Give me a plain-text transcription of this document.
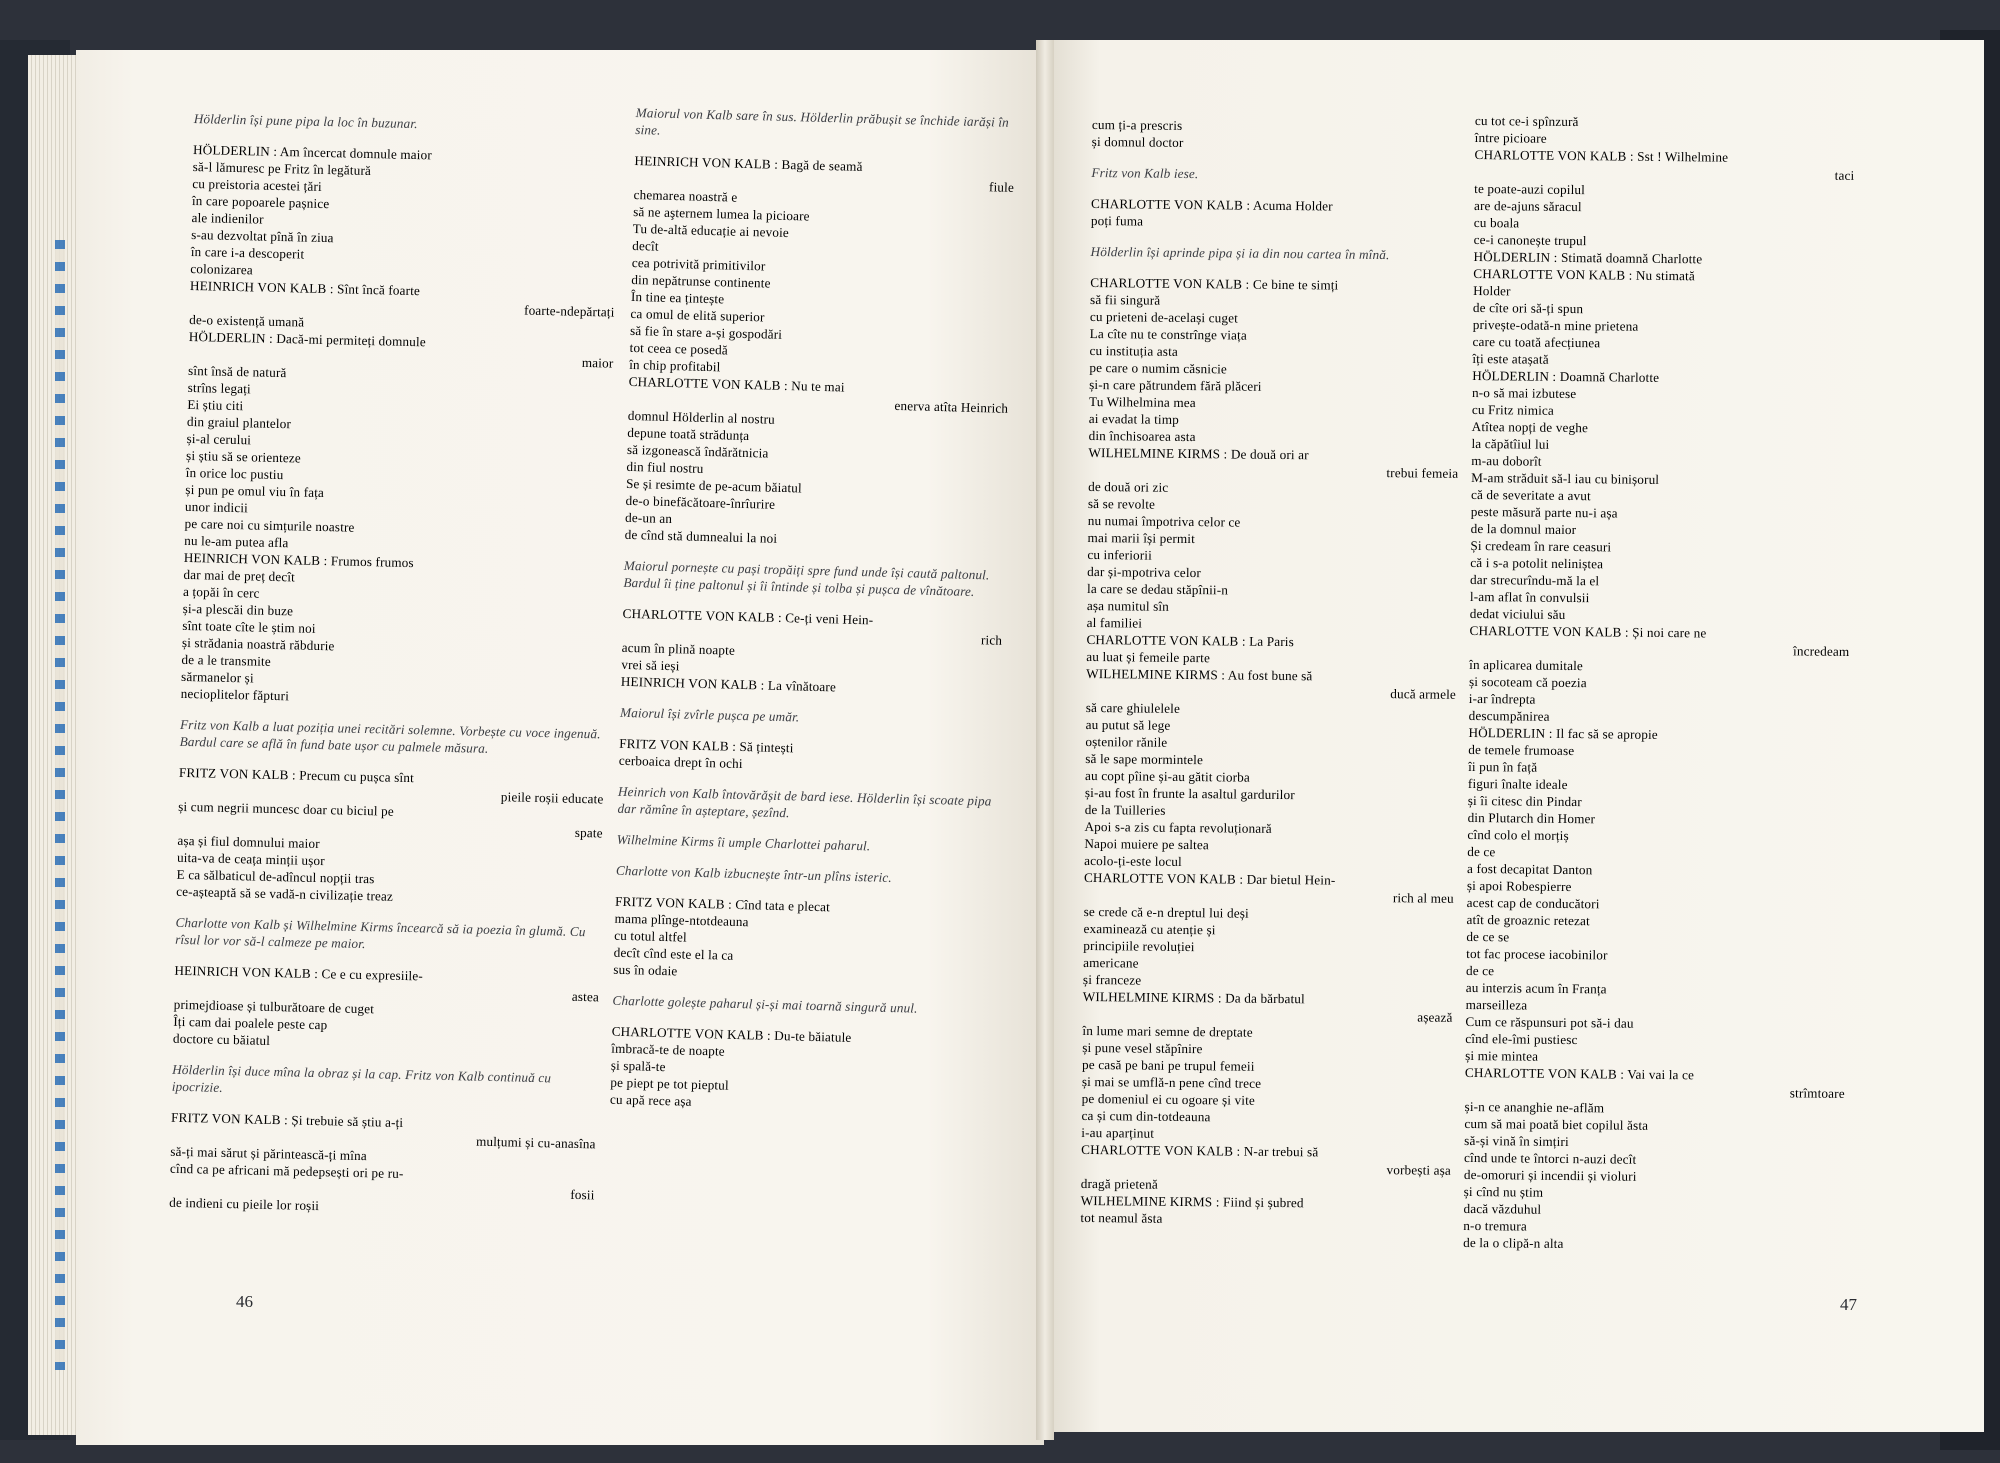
Hölderlin își pune pipa la loc în buzunar.

HÖLDERLIN : Am încercat domnule maior

să-l lămuresc pe Fritz în legătură

cu preistoria acestei țări

în care popoarele pașnice

ale indienilor

s-au dezvoltat pînă în ziua

în care i-a descoperit

colonizarea

HEINRICH VON KALB : Sînt încă foarte

foarte-ndepărtați

de-o existență umană

HÖLDERLIN : Dacă-mi permiteți domnule

maior

sînt însă de natură

strîns legați

Ei știu citi

din graiul plantelor

și-al cerului

și știu să se orienteze

în orice loc pustiu

și pun pe omul viu în fața

unor indicii

pe care noi cu simțurile noastre

nu le-am putea afla

HEINRICH VON KALB : Frumos frumos

dar mai de preț decît

a țopăi în cerc

și-a plescăi din buze

sînt toate cîte le știm noi

și strădania noastră răbdurie

de a le transmite

sărmanelor și

necioplitelor făpturi

Fritz von Kalb a luat poziția unei recitări solemne. Vorbește cu voce ingenuă. Bardul care se află în fund bate ușor cu palmele măsura.

FRITZ VON KALB : Precum cu pușca sînt

pieile roșii educate

și cum negrii muncesc doar cu biciul pe

spate

așa și fiul domnului maior

uita-va de ceața minții ușor

E ca sălbaticul de-adîncul nopții tras

ce-așteaptă să se vadă-n civilizație treaz

Charlotte von Kalb și Wilhelmine Kirms încearcă să ia poezia în glumă. Cu rîsul lor vor să-l calmeze pe maior.

HEINRICH VON KALB : Ce e cu expresiile-

astea

primejdioase și tulburătoare de cuget

Îți cam dai poalele peste cap

doctore cu băiatul

Hölderlin își duce mîna la obraz și la cap. Fritz von Kalb continuă cu ipocrizie.

FRITZ VON KALB : Și trebuie să știu a-ți

mulțumi și cu-anasîna

să-ți mai sărut și părintească-ți mîna

cînd ca pe africani mă pedepsești ori pe ru-

fosii

de indieni cu pieile lor roșii

Maiorul von Kalb sare în sus. Hölderlin prăbușit se închide iarăși în sine.

HEINRICH VON KALB : Bagă de seamă

fiule

chemarea noastră e

să ne aşternem lumea la picioare

Tu de-altă educație ai nevoie

decît

cea potrivită primitivilor

din nepătrunse continente

În tine ea țintește

ca omul de elită superior

să fie în stare a-și gospodări

tot ceea ce posedă

în chip profitabil

CHARLOTTE VON KALB : Nu te mai

enerva atîta Heinrich

domnul Hölderlin al nostru

depune toată strădunța

să izgonească îndărătnicia

din fiul nostru

Se și resimte de pe-acum băiatul

de-o binefăcătoare-înrîurire

de-un an

de cînd stă dumnealui la noi

Maiorul pornește cu pași tropăiți spre fund unde își caută paltonul. Bardul îi ține paltonul și îi întinde și tolba și pușca de vînătoare.

CHARLOTTE VON KALB : Ce-ți veni Hein-

rich

acum în plină noapte

vrei să ieși

HEINRICH VON KALB : La vînătoare

Maiorul își zvîrle pușca pe umăr.

FRITZ VON KALB : Să țintești

cerboaica drept în ochi

Heinrich von Kalb întovărășit de bard iese. Hölderlin își scoate pipa dar rămîne în așteptare, șezînd.

Wilhelmine Kirms îi umple Charlottei paharul.

Charlotte von Kalb izbucnește într-un plîns isteric.

FRITZ VON KALB : Cînd tata e plecat

mama plînge-ntotdeauna

cu totul altfel

decît cînd este el la ca

sus în odaie

Charlotte golește paharul și-și mai toarnă singură unul.

CHARLOTTE VON KALB : Du-te băiatule

îmbracă-te de noapte

și spală-te

pe piept pe tot pieptul

cu apă rece așa

cum ți-a prescris

și domnul doctor

Fritz von Kalb iese.

CHARLOTTE VON KALB : Acuma Holder

poți fuma

Hölderlin își aprinde pipa și ia din nou cartea în mînă.

CHARLOTTE VON KALB : Ce bine te simți

să fii singură

cu prieteni de-același cuget

La cîte nu te constrînge viața

cu instituția asta

pe care o numim căsnicie

și-n care pătrundem fără plăceri

Tu Wilhelmina mea

ai evadat la timp

din închisoarea asta

WILHELMINE KIRMS : De două ori ar

trebui femeia

de două ori zic

să se revolte

nu numai împotriva celor ce

mai marii își permit

cu inferiorii

dar și-mpotriva celor

la care se dedau stăpînii-n

așa numitul sîn

al familiei

CHARLOTTE VON KALB : La Paris

au luat și femeile parte

WILHELMINE KIRMS : Au fost bune să

ducă armele

să care ghiulelele

au putut să lege

oștenilor rănile

să le sape mormintele

au copt pîine și-au gătit ciorba

și-au fost în frunte la asaltul gardurilor

de la Tuilleries

Apoi s-a zis cu fapta revoluționară

Napoi muiere pe saltea

acolo-ți-este locul

CHARLOTTE VON KALB : Dar bietul Hein-

rich al meu

se crede că e-n dreptul lui deși

examinează cu atenție și

principiile revoluției

americane

și franceze

WILHELMINE KIRMS : Da da bărbatul

așează

în lume mari semne de dreptate

și pune vesel stăpînire

pe casă pe bani pe trupul femeii

și mai se umflă-n pene cînd trece

pe domeniul ei cu ogoare și vite

ca și cum din-totdeauna

i-au aparținut

CHARLOTTE VON KALB : N-ar trebui să

vorbești așa

dragă prietenă

WILHELMINE KIRMS : Fiind și șubred

tot neamul ăsta

cu tot ce-i spînzură

între picioare

CHARLOTTE VON KALB : Sst ! Wilhelmine

taci

te poate-auzi copilul

are de-ajuns săracul

cu boala

ce-i canonește trupul

HÖLDERLIN : Stimată doamnă Charlotte

CHARLOTTE VON KALB : Nu stimată

Holder

de cîte ori să-ți spun

privește-odată-n mine prietena

care cu toată afecțiunea

îți este atașată

HÖLDERLIN : Doamnă Charlotte

n-o să mai izbutese

cu Fritz nimica

Atîtea nopți de veghe

la căpătîiul lui

m-au doborît

M-am străduit să-l iau cu binișorul

că de severitate a avut

peste măsură parte nu-i așa

de la domnul maior

Și credeam în rare ceasuri

că i s-a potolit neliniștea

dar strecurîndu-mă la el

l-am aflat în convulsii

dedat viciului său

CHARLOTTE VON KALB : Și noi care ne

încredeam

în aplicarea dumitale

și socoteam că poezia

i-ar îndrepta

descumpănirea

HÖLDERLIN : Il fac să se apropie

de temele frumoase

îi pun în față

figuri înalte ideale

și îi citesc din Pindar

din Plutarch din Homer

cînd colo el morțiș

de ce

a fost decapitat Danton

și apoi Robespierre

acest cap de conducători

atît de groaznic retezat

de ce se

tot fac procese iacobinilor

de ce

au interzis acum în Franța

marseilleza

Cum ce răspunsuri pot să-i dau

cînd ele-îmi pustiesc

și mie mintea

CHARLOTTE VON KALB : Vai vai la ce

strîmtoare

și-n ce ananghie ne-aflăm

cum să mai poată biet copilul ăsta

să-și vină în simțiri

cînd unde te întorci n-auzi decît

de-omoruri și incendii și violuri

și cînd nu știm

dacă văzduhul

n-o tremura

de la o clipă-n alta

46	47
